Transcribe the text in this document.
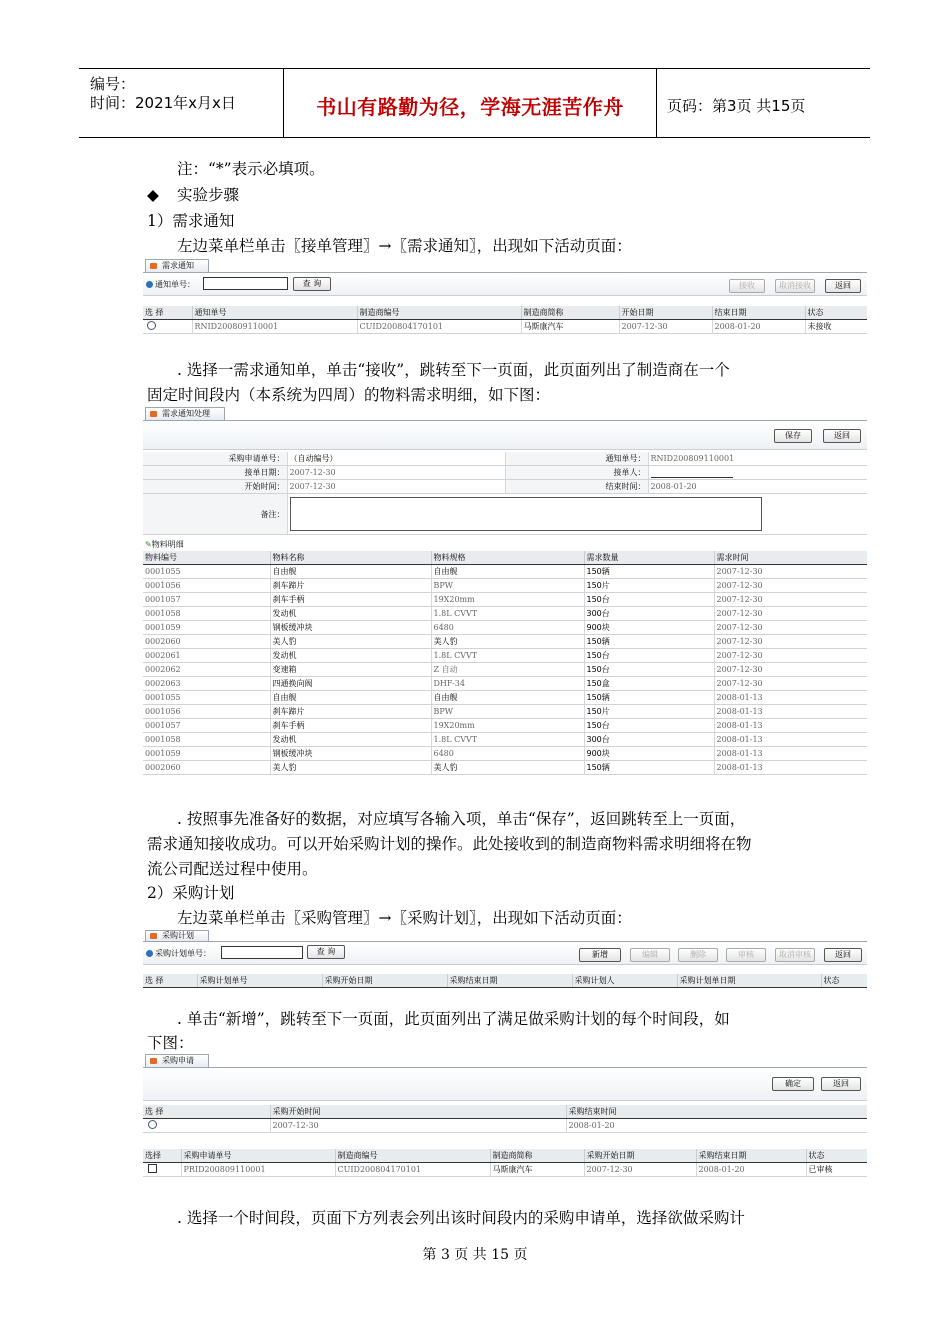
编号：
时间：2021年x月x日	书山有路勤为径，学海无涯苦作舟	页码：第3页 共15页
注：“*”表示必填项。
◆ 实验步骤
1）需求通知
左边菜单栏单击〖接单管理〗→〖需求通知〗，出现如下活动页面：
需求通知
通知单号：	查 询	接收	取消接收	返回
选 择	通知单号	制造商编号	制造商简称	开始日期	结束日期	状态
	RNID200809110001	CUID200804170101	马斯康汽车	2007-12-30	2008-01-20	未接收
. 选择一需求通知单，单击“接收”，跳转至下一页面，此页面列出了制造商在一个
固定时间段内（本系统为四周）的物料需求明细，如下图：
需求通知处理
保存	返回
采购申请单号：	（自动编号）	通知单号：	RNID200809110001
接单日期：	2007-12-30	接单人：	

开始时间：	2007-12-30	结束时间：	2008-01-20
备注：			
✎物料明细
物料编号	物料名称	物料规格	需求数量	需求时间
0001055	自由舰	自由舰	150辆	2007-12-30
0001056	刹车蹄片	BPW	150片	2007-12-30
0001057	刹车手柄	19X20mm	150台	2007-12-30
0001058	发动机	1.8L CVVT	300台	2007-12-30
0001059	钢板缓冲块	6480	900块	2007-12-30
0002060	美人豹	美人豹	150辆	2007-12-30
0002061	发动机	1.8L CVVT	150台	2007-12-30
0002062	变速箱	Z 自动	150台	2007-12-30
0002063	四通换向阀	DHF-34	150盒	2007-12-30
0001055	自由舰	自由舰	150辆	2008-01-13
0001056	刹车蹄片	BPW	150片	2008-01-13
0001057	刹车手柄	19X20mm	150台	2008-01-13
0001058	发动机	1.8L CVVT	300台	2008-01-13
0001059	钢板缓冲块	6480	900块	2008-01-13
0002060	美人豹	美人豹	150辆	2008-01-13
. 按照事先准备好的数据，对应填写各输入项，单击“保存”，返回跳转至上一页面，
需求通知接收成功。可以开始采购计划的操作。此处接收到的制造商物料需求明细将在物
流公司配送过程中使用。
2）采购计划
左边菜单栏单击〖采购管理〗→〖采购计划〗，出现如下活动页面：
采购计划
采购计划单号：	查 询	新增	编辑	删除	审核	取消审核	返回
选 择	采购计划单号	采购开始日期	采购结束日期	采购计划人	采购计划单日期	状态
. 单击“新增”，跳转至下一页面，此页面列出了满足做采购计划的每个时间段，如
下图：
采购申请
确定	返回
选 择	采购开始时间	采购结束时间
	2007-12-30	2008-01-20
选择	采购申请单号	制造商编号	制造商简称	采购开始日期	采购结束日期	状态
	PRID200809110001	CUID200804170101	马斯康汽车	2007-12-30	2008-01-20	已审核
. 选择一个时间段，页面下方列表会列出该时间段内的采购申请单，选择欲做采购计
第 3 页 共 15 页
